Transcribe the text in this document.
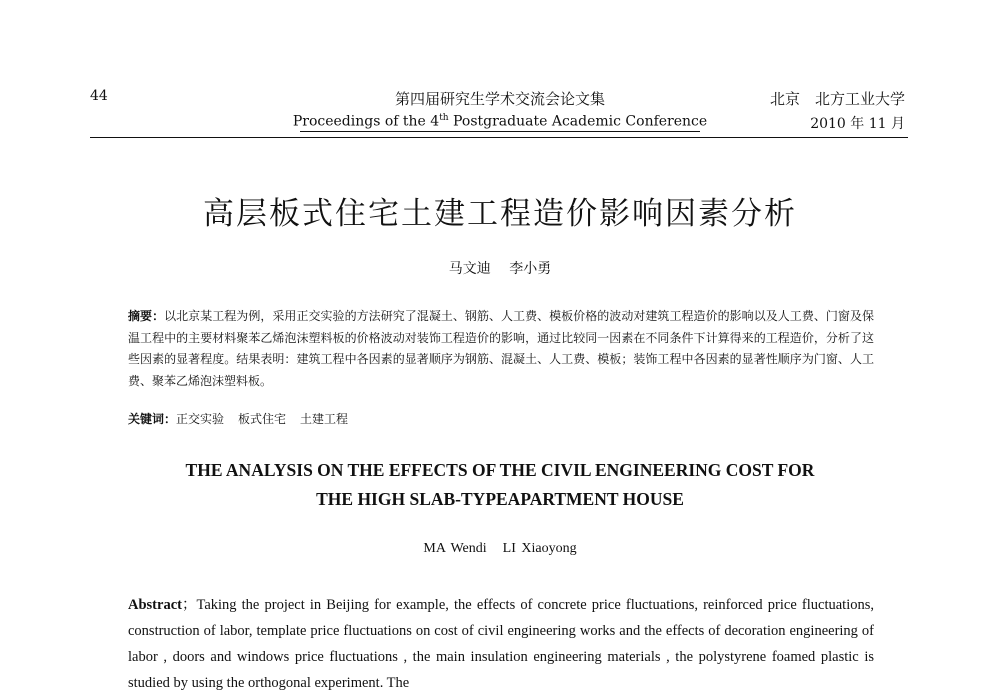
44	第四届研究生学术交流会论文集
Proceedings of the 4th Postgraduate Academic Conference
北京　北方工业大学
2010 年 11 月
高层板式住宅土建工程造价影响因素分析
马文迪 李小勇
摘要：以北京某工程为例，采用正交实验的方法研究了混凝土、钢筋、人工费、模板价格的波动对建筑工程造价的影响以及人工费、门窗及保温工程中的主要材料聚苯乙烯泡沫塑料板的价格波动对装饰工程造价的影响，通过比较同一因素在不同条件下计算得来的工程造价，分析了这些因素的显著程度。结果表明：建筑工程中各因素的显著顺序为钢筋、混凝土、人工费、模板；装饰工程中各因素的显著性顺序为门窗、人工费、聚苯乙烯泡沫塑料板。
关键词：正交实验 板式住宅 土建工程
THE ANALYSIS ON THE EFFECTS OF THE CIVIL ENGINEERING COST FOR
THE HIGH SLAB-TYPEAPARTMENT HOUSE
MA Wendi LI Xiaoyong
Abstract；Taking the project in Beijing for example, the effects of concrete price fluctuations, reinforced price fluctuations, construction of labor, template price fluctuations on cost of civil engineering works and the effects of decoration engineering of labor , doors and windows price fluctuations , the main insulation engineering materials , the polystyrene foamed plastic is studied by using the orthogonal experiment. The
